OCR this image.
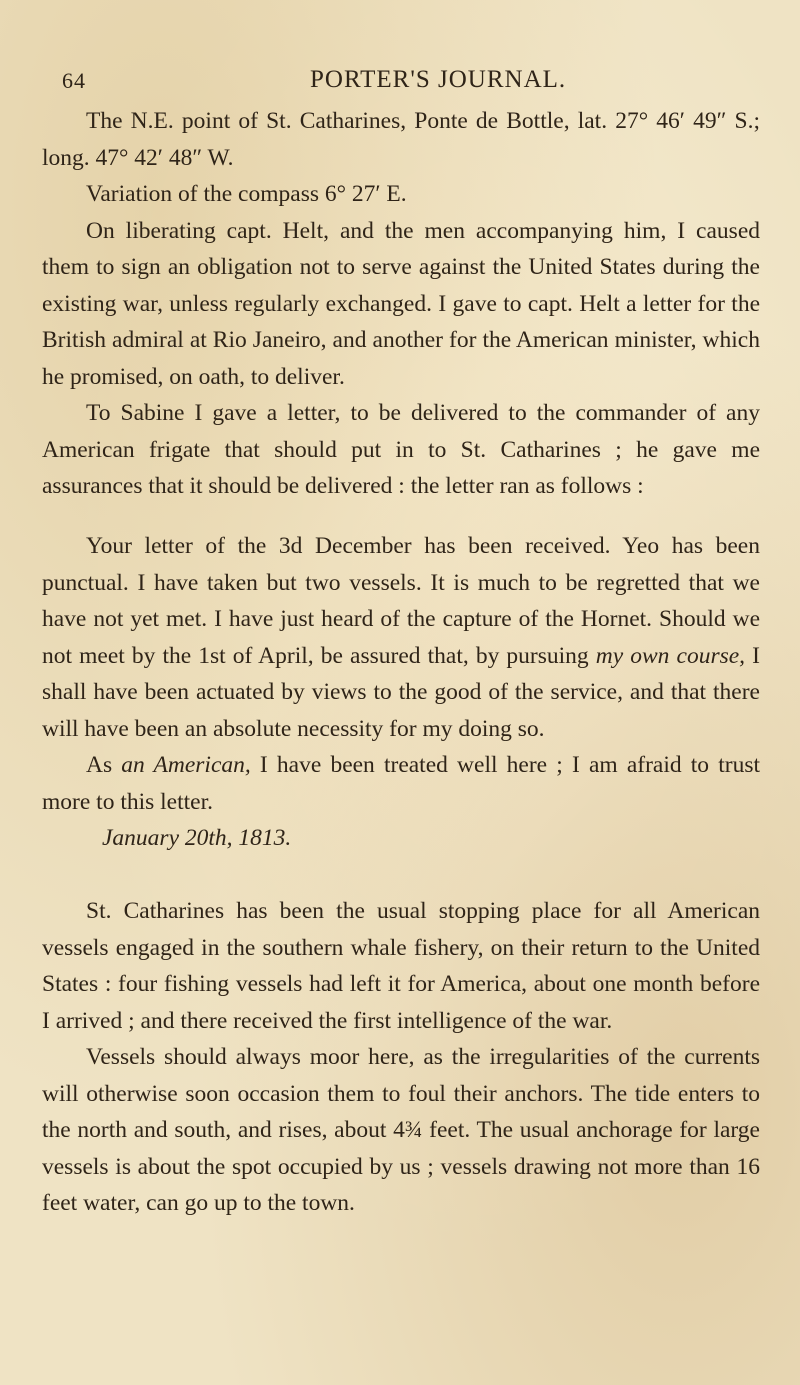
64	PORTER'S JOURNAL.

The N.E. point of St. Catharines, Ponte de Bottle, lat. 27° 46′ 49″ S.; long. 47° 42′ 48″ W.

Variation of the compass 6° 27′ E.

On liberating capt. Helt, and the men accompanying him, I caused them to sign an obligation not to serve against the United States during the existing war, unless regularly exchanged. I gave to capt. Helt a letter for the British admiral at Rio Janeiro, and another for the American minister, which he promised, on oath, to deliver.

To Sabine I gave a letter, to be delivered to the commander of any American frigate that should put in to St. Catharines ; he gave me assurances that it should be delivered : the letter ran as follows :

Your letter of the 3d December has been received. Yeo has been punctual. I have taken but two vessels. It is much to be regretted that we have not yet met. I have just heard of the capture of the Hornet. Should we not meet by the 1st of April, be assured that, by pursuing my own course, I shall have been actuated by views to the good of the service, and that there will have been an absolute necessity for my doing so.

As an American, I have been treated well here ; I am afraid to trust more to this letter.

January 20th, 1813.

St. Catharines has been the usual stopping place for all American vessels engaged in the southern whale fishery, on their return to the United States : four fishing vessels had left it for America, about one month before I arrived ; and there received the first intelligence of the war.

Vessels should always moor here, as the irregularities of the currents will otherwise soon occasion them to foul their anchors. The tide enters to the north and south, and rises, about 4¾ feet. The usual anchorage for large vessels is about the spot occupied by us ; vessels drawing not more than 16 feet water, can go up to the town.
